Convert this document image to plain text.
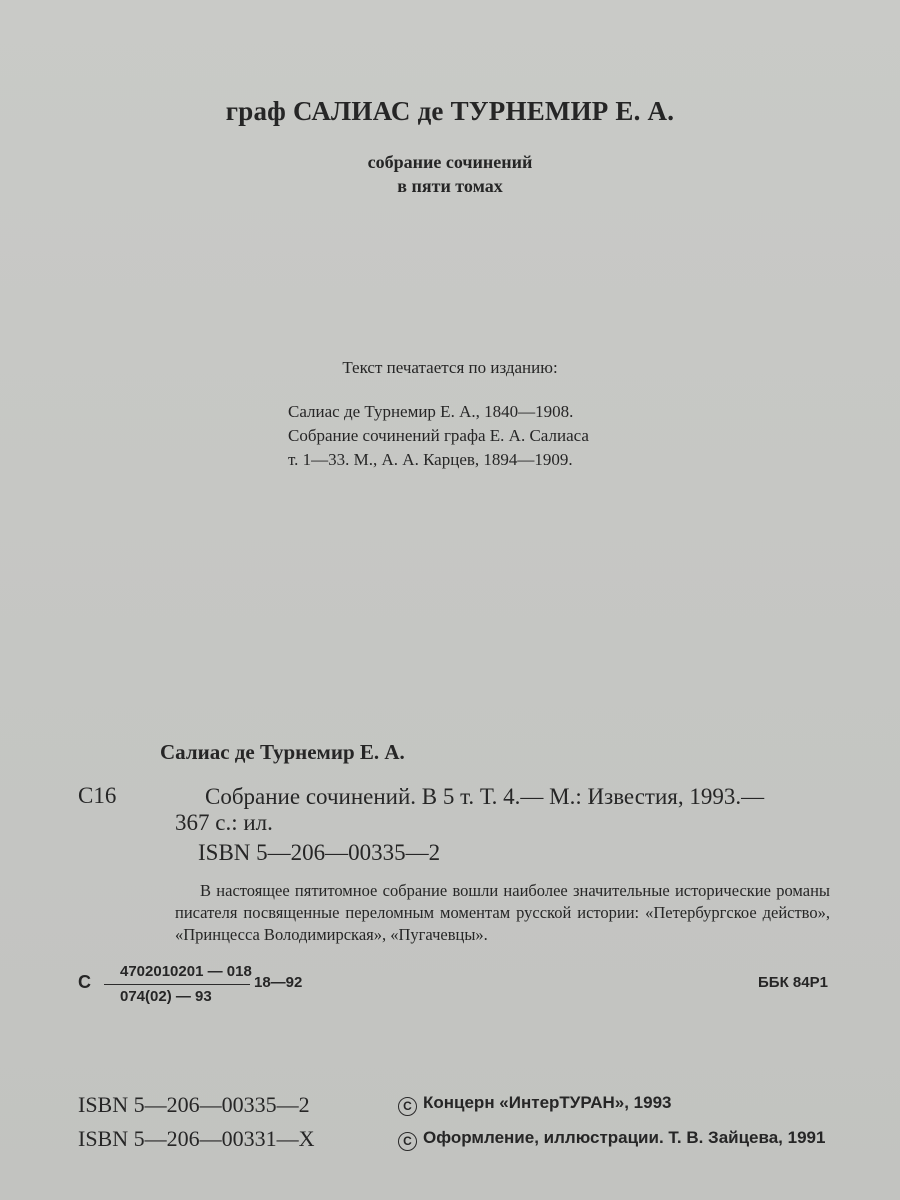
граф САЛИАС де ТУРНЕМИР Е. А.
собрание сочинений
в пяти томах
Текст печатается по изданию:
Салиас де Турнемир Е. А., 1840—1908.
Собрание сочинений графа Е. А. Салиаса
т. 1—33. М., А. А. Карцев, 1894—1909.
Салиас де Турнемир Е. А.
С16	Собрание сочинений. В 5 т. Т. 4.— М.: Известия, 1993.—
367 с.: ил.
ISBN 5—206—00335—2

В настоящее пятитомное собрание вошли наиболее значительные исторические романы писателя посвященные переломным моментам русской истории: «Петербургское действо», «Принцесса Володимирская», «Пугачевцы».

С
4702010201 — 018
074(02) — 93
18—92	ББК 84Р1
ISBN 5—206—00335—2
ISBN 5—206—00331—X
C Концерн «ИнтерТУРАН», 1993
C Оформление, иллюстрации. Т. В. Зайцева, 1991
